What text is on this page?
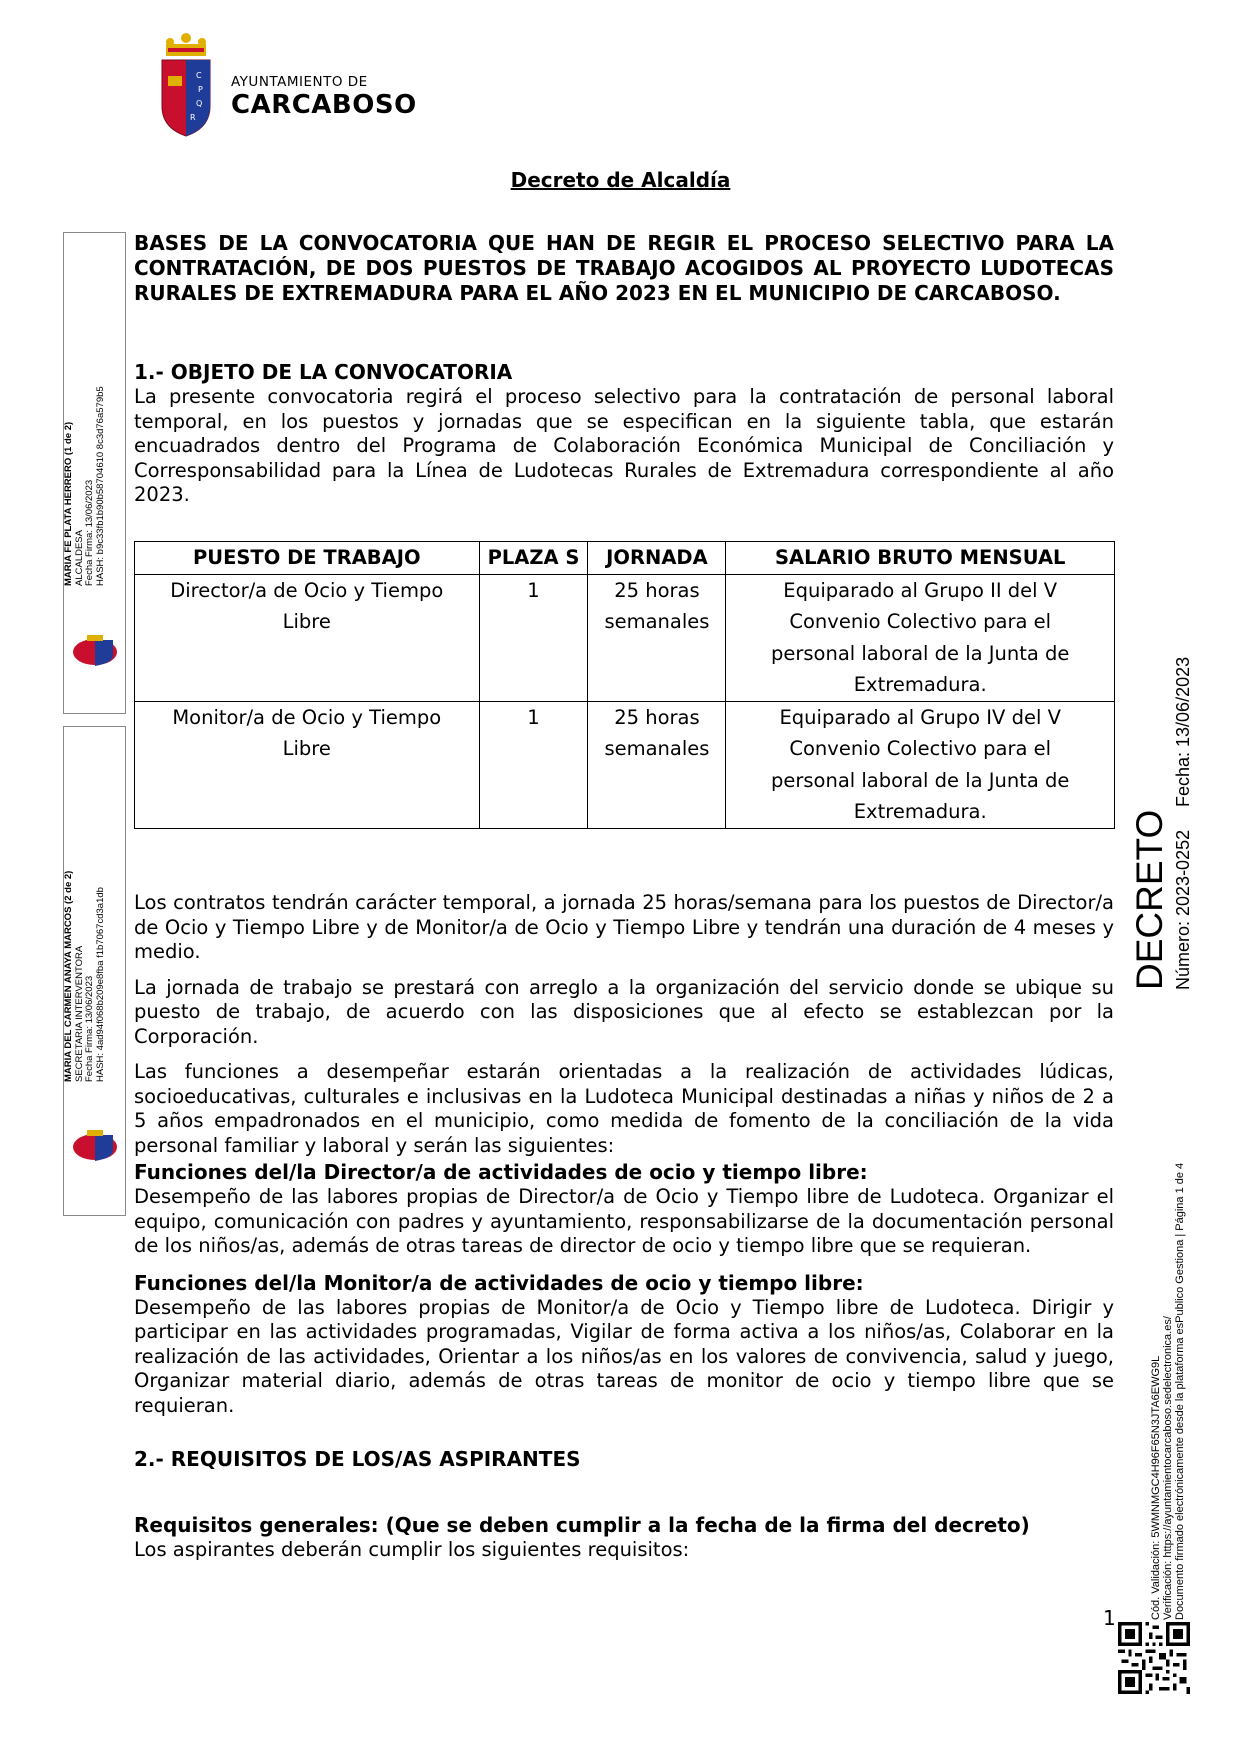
C
P
Q
R
AYUNTAMIENTO DE
CARCABOSO
Decreto de Alcaldía

BASES DE LA CONVOCATORIA QUE HAN DE REGIR EL PROCESO SELECTIVO PARA LA CONTRATACIÓN, DE DOS PUESTOS DE TRABAJO ACOGIDOS AL PROYECTO LUDOTECAS RURALES DE EXTREMADURA PARA EL AÑO 2023 EN EL MUNICIPIO DE CARCABOSO.

1.- OBJETO DE LA CONVOCATORIA

La presente convocatoria regirá el proceso selectivo para la contratación de personal laboral temporal, en los puestos y jornadas que se especifican en la siguiente tabla, que estarán encuadrados dentro del Programa de Colaboración Económica Municipal de Conciliación y Corresponsabilidad para la Línea de Ludotecas Rurales de Extremadura correspondiente al año 2023.

PUESTO DE TRABAJO	PLAZA S	JORNADA	SALARIO BRUTO MENSUAL
Director/a de Ocio y Tiempo Libre	1	25 horas semanales	Equiparado al Grupo II del V Convenio Colectivo para el personal laboral de la Junta de Extremadura.
Monitor/a de Ocio y Tiempo Libre	1	25 horas semanales	Equiparado al Grupo IV del V Convenio Colectivo para el personal laboral de la Junta de Extremadura.

Los contratos tendrán carácter temporal, a jornada 25 horas/semana para los puestos de Director/a de Ocio y Tiempo Libre y de Monitor/a de Ocio y Tiempo Libre y tendrán una duración de 4 meses y medio.

La jornada de trabajo se prestará con arreglo a la organización del servicio donde se ubique su puesto de trabajo, de acuerdo con las disposiciones que al efecto se establezcan por la Corporación.

Las funciones a desempeñar estarán orientadas a la realización de actividades lúdicas, socioeducativas, culturales e inclusivas en la Ludoteca Municipal destinadas a niñas y niños de 2 a 5 años empadronados en el municipio, como medida de fomento de la conciliación de la vida personal familiar y laboral y serán las siguientes:

Funciones del/la Director/a de actividades de ocio y tiempo libre:

Desempeño de las labores propias de Director/a de Ocio y Tiempo libre de Ludoteca. Organizar el equipo, comunicación con padres y ayuntamiento, responsabilizarse de la documentación personal de los niños/as, además de otras tareas de director de ocio y tiempo libre que se requieran.

Funciones del/la Monitor/a de actividades de ocio y tiempo libre:

Desempeño de las labores propias de Monitor/a de Ocio y Tiempo libre de Ludoteca. Dirigir y participar en las actividades programadas, Vigilar de forma activa a los niños/as, Colaborar en la realización de las actividades, Orientar a los niños/as en los valores de convivencia, salud y juego, Organizar material diario, además de otras tareas de monitor de ocio y tiempo libre que se requieran.

2.- REQUISITOS DE LOS/AS ASPIRANTES
Requisitos generales: (Que se deben cumplir a la fecha de la firma del decreto)

Los aspirantes deberán cumplir los siguientes requisitos:

MARIA FE PLATA HERRERO (1 de 2) ALCALDESA Fecha Firma: 13/06/2023 HASH: b9c33fb1b90b58704610 8c3d76a579b5
MARIA DEL CARMEN ANAYA MARCOS (2 de 2) SECRETARIA INTERVENTORA Fecha Firma: 13/06/2023 HASH: 4ad94f068b209e8fba f1b7067cd3a1db	DECRETO Número: 2023-0252
Fecha: 13/06/2023
Cód. Validación: 5WMNMGC4H96F65N3JTA6EWG9L Verificación: https://ayuntamientocarcaboso.sedelectronica.es/ Documento firmado electrónicamente desde la plataforma esPublico Gestiona | Página 1 de 4
1
